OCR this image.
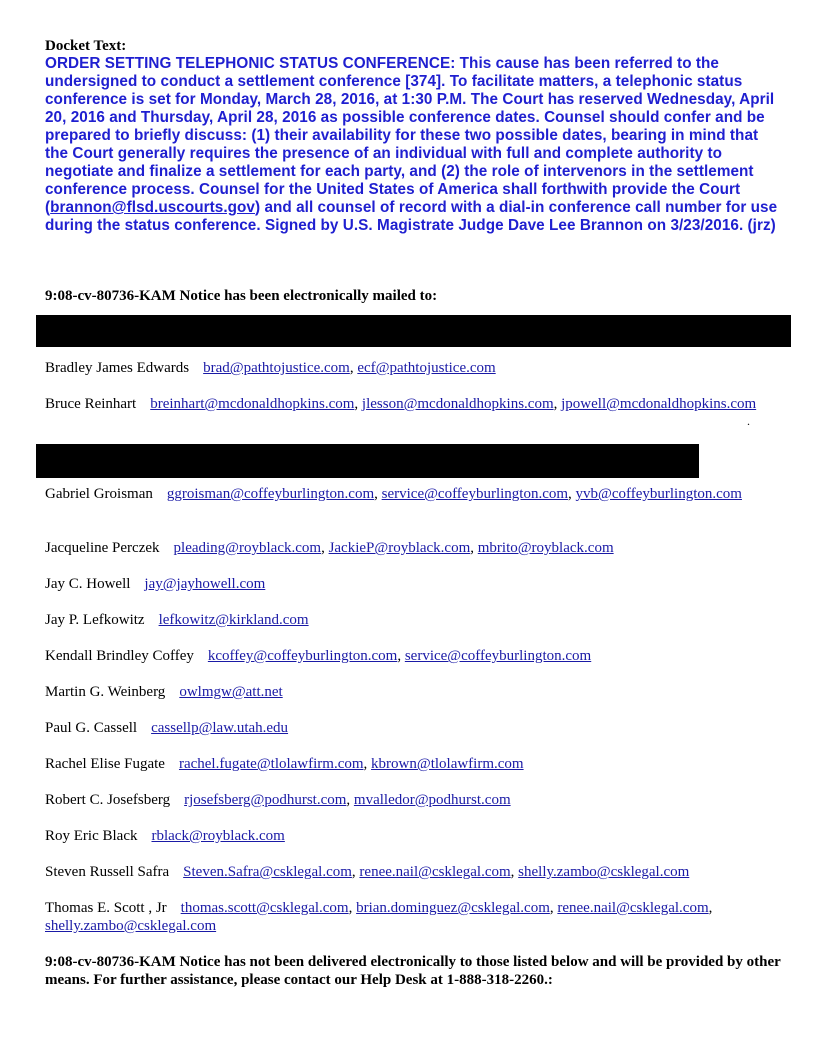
Docket Text:
ORDER SETTING TELEPHONIC STATUS CONFERENCE: This cause has been referred to the undersigned to conduct a settlement conference [374]. To facilitate matters, a telephonic status conference is set for Monday, March 28, 2016, at 1:30 P.M. The Court has reserved Wednesday, April 20, 2016 and Thursday, April 28, 2016 as possible conference dates. Counsel should confer and be prepared to briefly discuss: (1) their availability for these two possible dates, bearing in mind that the Court generally requires the presence of an individual with full and complete authority to negotiate and finalize a settlement for each party, and (2) the role of intervenors in the settlement conference process. Counsel for the United States of America shall forthwith provide the Court (brannon@flsd.uscourts.gov) and all counsel of record with a dial-in conference call number for use during the status conference. Signed by U.S. Magistrate Judge Dave Lee Brannon on 3/23/2016. (jrz)
9:08-cv-80736-KAM Notice has been electronically mailed to:
Bradley James Edwards brad@pathtojustice.com, ecf@pathtojustice.com
Bruce Reinhart breinhart@mcdonaldhopkins.com, jlesson@mcdonaldhopkins.com, jpowell@mcdonaldhopkins.com
.
Gabriel Groisman ggroisman@coffeyburlington.com, service@coffeyburlington.com, yvb@coffeyburlington.com
Jacqueline Perczek pleading@royblack.com, JackieP@royblack.com, mbrito@royblack.com
Jay C. Howell jay@jayhowell.com
Jay P. Lefkowitz lefkowitz@kirkland.com
Kendall Brindley Coffey kcoffey@coffeyburlington.com, service@coffeyburlington.com
Martin G. Weinberg owlmgw@att.net
Paul G. Cassell cassellp@law.utah.edu
Rachel Elise Fugate rachel.fugate@tlolawfirm.com, kbrown@tlolawfirm.com
Robert C. Josefsberg rjosefsberg@podhurst.com, mvalledor@podhurst.com
Roy Eric Black rblack@royblack.com
Steven Russell Safra Steven.Safra@csklegal.com, renee.nail@csklegal.com, shelly.zambo@csklegal.com
Thomas E. Scott , Jr thomas.scott@csklegal.com, brian.dominguez@csklegal.com, renee.nail@csklegal.com, shelly.zambo@csklegal.com
9:08-cv-80736-KAM Notice has not been delivered electronically to those listed below and will be provided by other means. For further assistance, please contact our Help Desk at 1-888-318-2260.:
